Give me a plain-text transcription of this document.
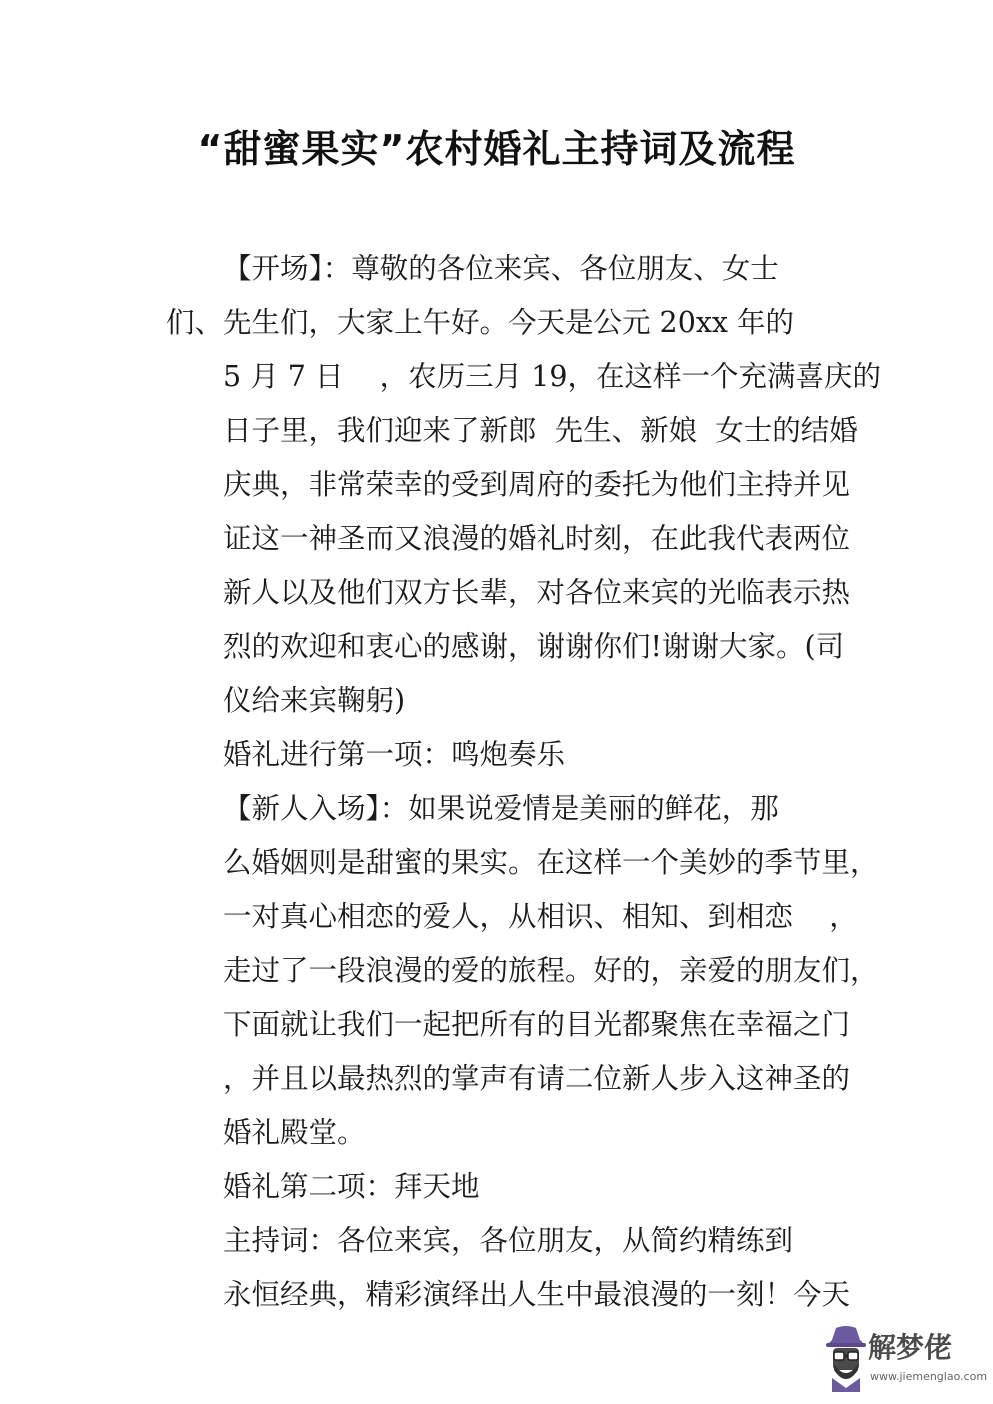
“甜蜜果实”农村婚礼主持词及流程

【开场】：尊敬的各位来宾、各位朋友、女士
们、先生们，大家上午好。今天是公元 20xx 年的
5 月 7 日    ，农历三月 19，在这样一个充满喜庆的
日子里，我们迎来了新郎  先生、新娘  女士的结婚
庆典，非常荣幸的受到周府的委托为他们主持并见
证这一神圣而又浪漫的婚礼时刻，在此我代表两位
新人以及他们双方长辈，对各位来宾的光临表示热
烈的欢迎和衷心的感谢，谢谢你们!谢谢大家。(司
仪给来宾鞠躬)

婚礼进行第一项：鸣炮奏乐

【新人入场】：如果说爱情是美丽的鲜花，那
么婚姻则是甜蜜的果实。在这样一个美妙的季节里，
一对真心相恋的爱人，从相识、相知、到相恋    ，
走过了一段浪漫的爱的旅程。好的，亲爱的朋友们，
下面就让我们一起把所有的目光都聚焦在幸福之门
，并且以最热烈的掌声有请二位新人步入这神圣的
婚礼殿堂。

婚礼第二项：拜天地

主持词：各位来宾，各位朋友，从简约精练到
永恒经典，精彩演绎出人生中最浪漫的一刻！今天

解梦佬
www.jiemenglao.com
